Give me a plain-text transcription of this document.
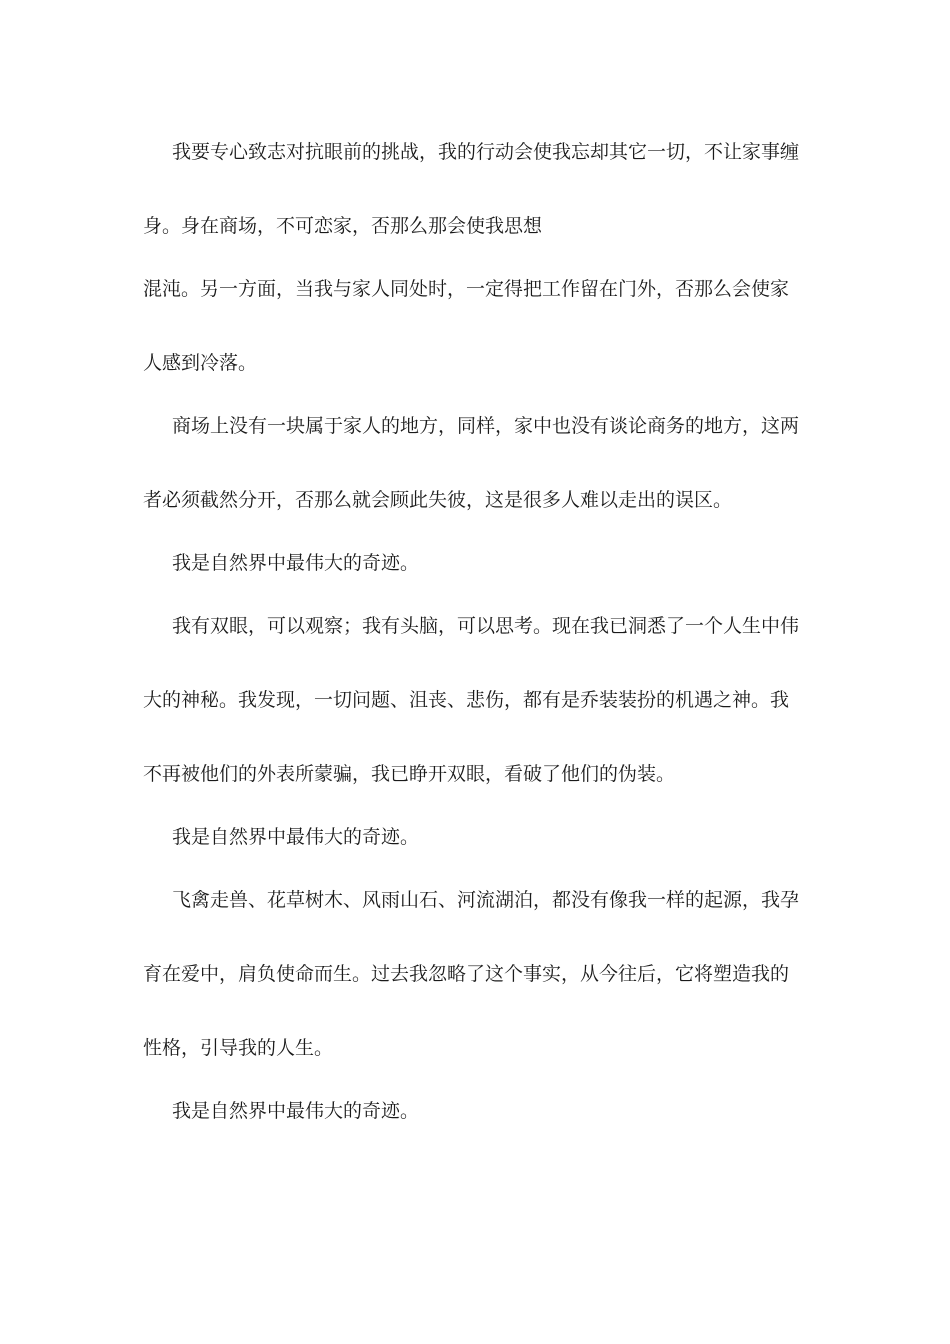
我要专心致志对抗眼前的挑战，我的行动会使我忘却其它一切，不让家事缠
身。身在商场，不可恋家，否那么那会使我思想
混沌。另一方面，当我与家人同处时，一定得把工作留在门外，否那么会使家
人感到冷落。
商场上没有一块属于家人的地方，同样，家中也没有谈论商务的地方，这两
者必须截然分开，否那么就会顾此失彼，这是很多人难以走出的误区。
我是自然界中最伟大的奇迹。
我有双眼，可以观察；我有头脑，可以思考。现在我已洞悉了一个人生中伟
大的神秘。我发现，一切问题、沮丧、悲伤，都有是乔装装扮的机遇之神。我
不再被他们的外表所蒙骗，我已睁开双眼，看破了他们的伪装。
我是自然界中最伟大的奇迹。
飞禽走兽、花草树木、风雨山石、河流湖泊，都没有像我一样的起源，我孕
育在爱中，肩负使命而生。过去我忽略了这个事实，从今往后，它将塑造我的
性格，引导我的人生。
我是自然界中最伟大的奇迹。
